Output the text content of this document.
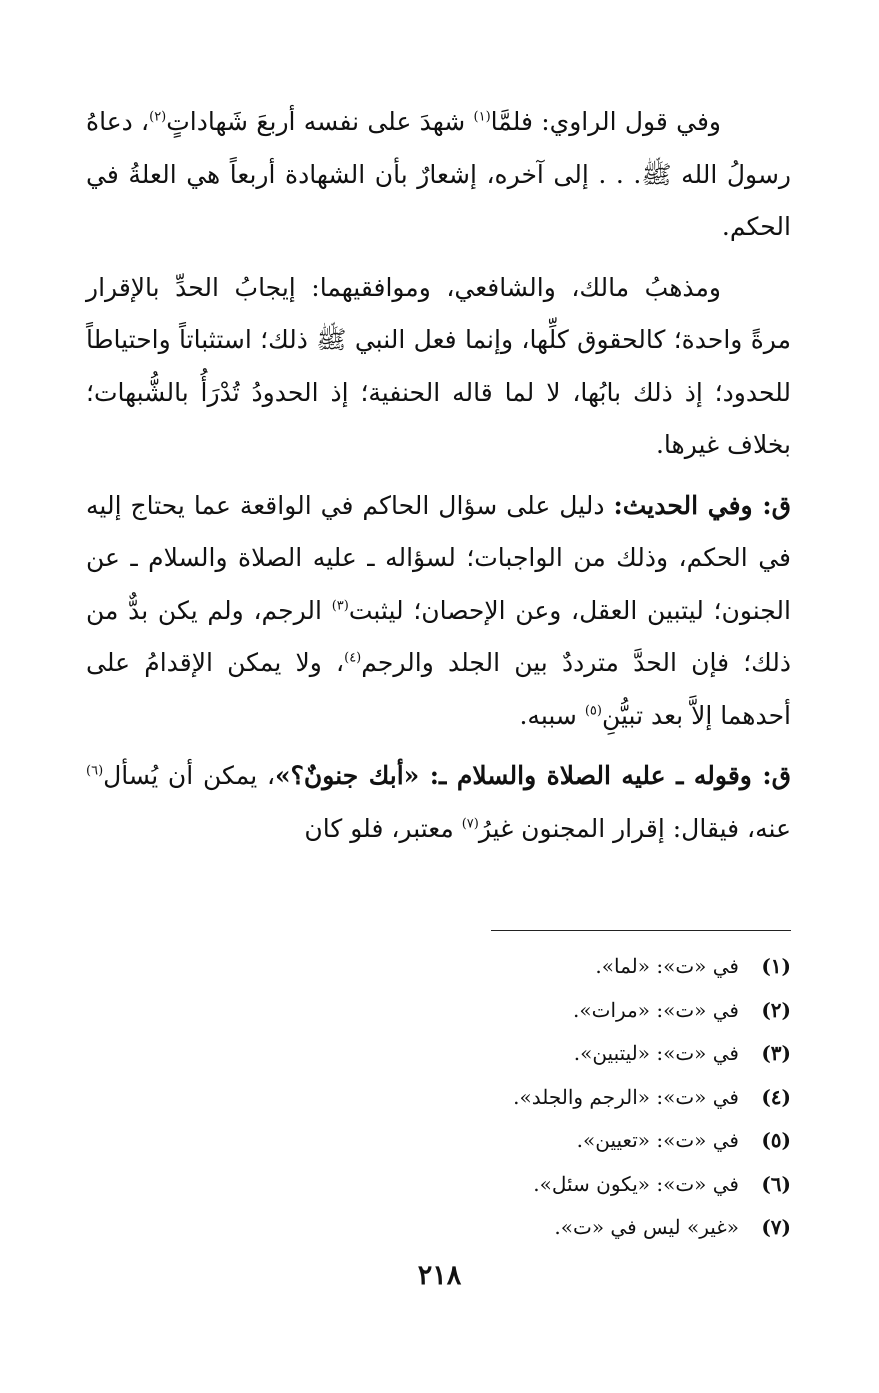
وفي قول الراوي: فلمَّا$^{(١)}$ شهدَ على نفسه أربعَ شَهاداتٍ$^{(٢)}$، دعاهُ رسولُ الله ﷺ. . . إلى آخره، إشعارٌ بأن الشهادة أربعاً هي العلةُ في الحكم.

ومذهبُ مالك، والشافعي، وموافقيهما: إيجابُ الحدِّ بالإقرار مرةً واحدة؛ كالحقوق كلِّها، وإنما فعل النبي ﷺ ذلك؛ استثباتاً واحتياطاً للحدود؛ إذ ذلك بابُها، لا لما قاله الحنفية؛ إذ الحدودُ تُدْرَأُ بالشُّبهات؛ بخلاف غيرها.

ق: وفي الحديث: دليل على سؤال الحاكم في الواقعة عما يحتاج إليه في الحكم، وذلك من الواجبات؛ لسؤاله ـ عليه الصلاة والسلام ـ عن الجنون؛ ليتبين العقل، وعن الإحصان؛ ليثبت$^{(٣)}$ الرجم، ولم يكن بدٌّ من ذلك؛ فإن الحدَّ مترددٌ بين الجلد والرجم$^{(٤)}$، ولا يمكن الإقدامُ على أحدهما إلاَّ بعد تبيُّنِ$^{(٥)}$ سببه.

ق: وقوله ـ عليه الصلاة والسلام ـ: «أبك جنونٌ؟»، يمكن أن يُسأل$^{(٦)}$ عنه، فيقال: إقرار المجنون غيرُ$^{(٧)}$ معتبر، فلو كان

(١)
في «ت»: «لما».
(٢)
في «ت»: «مرات».
(٣)
في «ت»: «ليتبين».
(٤)
في «ت»: «الرجم والجلد».
(٥)
في «ت»: «تعيين».
(٦)
في «ت»: «يكون سئل».
(٧)
«غير» ليس في «ت».
٢١٨
